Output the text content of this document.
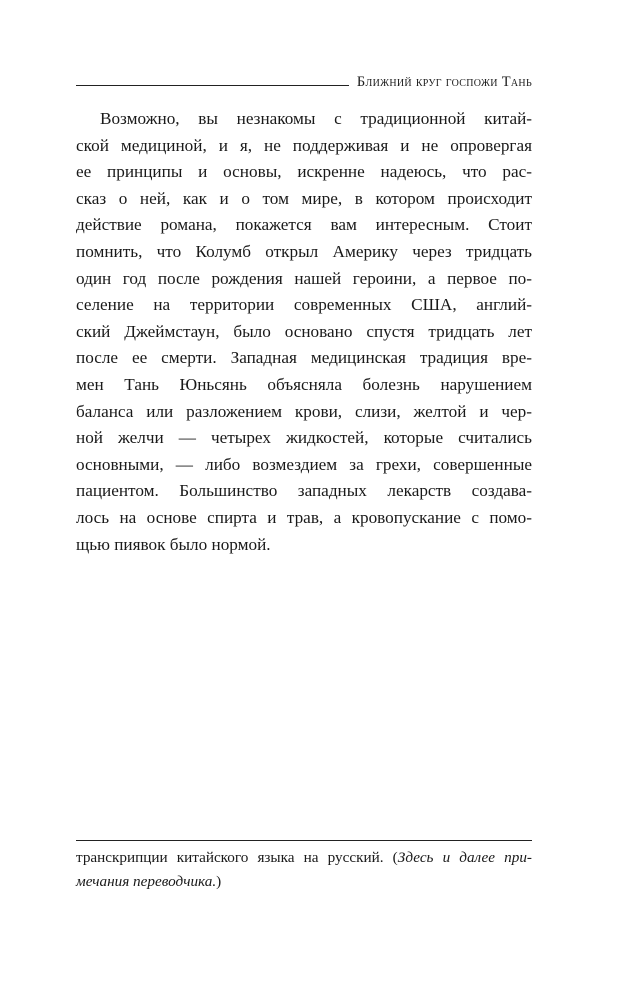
Ближний круг госпожи Тань
Возможно, вы незнакомы с традиционной китай-
ской медициной, и я, не поддерживая и не опровергая
ее принципы и основы, искренне надеюсь, что рас-
сказ о ней, как и о том мире, в котором происходит
действие романа, покажется вам интересным. Стоит
помнить, что Колумб открыл Америку через тридцать
один год после рождения нашей героини, а первое по-
селение на территории современных США, англий-
ский Джеймстаун, было основано спустя тридцать лет
после ее смерти. Западная медицинская традиция вре-
мен Тань Юньсянь объясняла болезнь нарушением
баланса или разложением крови, слизи, желтой и чер-
ной желчи — четырех жидкостей, которые считались
основными, — либо возмездием за грехи, совершенные
пациентом. Большинство западных лекарств создава-
лось на основе спирта и трав, а кровопускание с помо-
щью пиявок было нормой.
транскрипции китайского языка на русский. (Здесь и далее при-
мечания переводчика.)
